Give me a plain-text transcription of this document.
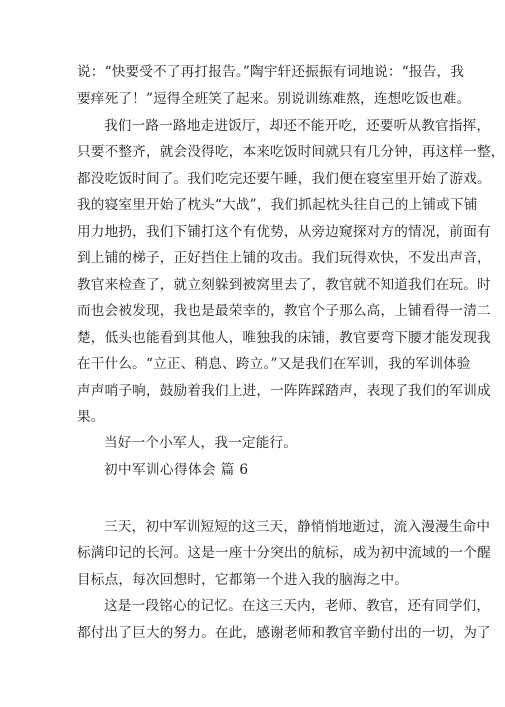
说：“快要受不了再打报告。”陶宇轩还振振有词地说：“报告，我
要痒死了！”逗得全班笑了起来。别说训练难熬，连想吃饭也难。
我们一路一路地走进饭厅，却还不能开吃，还要听从教官指挥，
只要不整齐，就会没得吃，本来吃饭时间就只有几分钟，再这样一整，
都没吃饭时间了。我们吃完还要午睡，我们便在寝室里开始了游戏。
我的寝室里开始了枕头“大战”，我们抓起枕头往自己的上铺或下铺
用力地扔，我们下铺打这个有优势，从旁边窥探对方的情况，前面有
到上铺的梯子，正好挡住上铺的攻击。我们玩得欢快，不发出声音，
教官来检查了，就立刻躲到被窝里去了，教官就不知道我们在玩。时
而也会被发现，我也是最荣幸的，教官个子那么高，上铺看得一清二
楚，低头也能看到其他人，唯独我的床铺，教官要弯下腰才能发现我
在干什么。“立正、稍息、跨立。”又是我们在军训，我的军训体验
声声哨子响，鼓励着我们上进，一阵阵踩踏声，表现了我们的军训成
果。
当好一个小军人，我一定能行。
初中军训心得体会 篇 6
三天，初中军训短短的这三天，静悄悄地逝过，流入漫漫生命中
标满印记的长河。这是一座十分突出的航标，成为初中流域的一个醒
目标点，每次回想时，它都第一个进入我的脑海之中。
这是一段铭心的记忆。在这三天内，老师、教官，还有同学们，
都付出了巨大的努力。在此，感谢老师和教官辛勤付出的一切，为了
